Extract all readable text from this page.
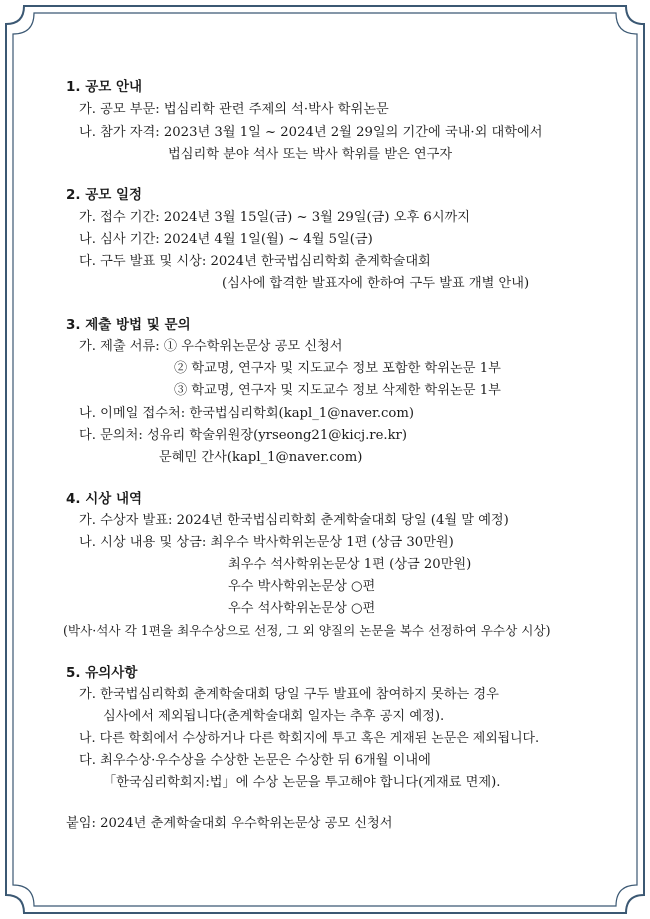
1. 공모 안내
가. 공모 부문: 법심리학 관련 주제의 석·박사 학위논문
나. 참가 자격: 2023년 3월 1일 ~ 2024년 2월 29일의 기간에 국내·외 대학에서
법심리학 분야 석사 또는 박사 학위를 받은 연구자
2. 공모 일정
가. 접수 기간: 2024년 3월 15일(금) ~ 3월 29일(금) 오후 6시까지
나. 심사 기간: 2024년 4월 1일(월) ~ 4월 5일(금)
다. 구두 발표 및 시상: 2024년 한국법심리학회 춘계학술대회
(심사에 합격한 발표자에 한하여 구두 발표 개별 안내)
3. 제출 방법 및 문의
가. 제출 서류: ① 우수학위논문상 공모 신청서
② 학교명, 연구자 및 지도교수 정보 포함한 학위논문 1부
③ 학교명, 연구자 및 지도교수 정보 삭제한 학위논문 1부
나. 이메일 접수처: 한국법심리학회(kapl_1@naver.com)
다. 문의처: 성유리 학술위원장(yrseong21@kicj.re.kr)
문혜민 간사(kapl_1@naver.com)
4. 시상 내역
가. 수상자 발표: 2024년 한국법심리학회 춘계학술대회 당일 (4월 말 예정)
나. 시상 내용 및 상금: 최우수 박사학위논문상 1편 (상금 30만원)
최우수 석사학위논문상 1편 (상금 20만원)
우수 박사학위논문상 ○편
우수 석사학위논문상 ○편
(박사·석사 각 1편을 최우수상으로 선정, 그 외 양질의 논문을 복수 선정하여 우수상 시상)
5. 유의사항
가. 한국법심리학회 춘계학술대회 당일 구두 발표에 참여하지 못하는 경우
심사에서 제외됩니다(춘계학술대회 일자는 추후 공지 예정).
나. 다른 학회에서 수상하거나 다른 학회지에 투고 혹은 게재된 논문은 제외됩니다.
다. 최우수상·우수상을 수상한 논문은 수상한 뒤 6개월 이내에
「한국심리학회지:법」에 수상 논문을 투고해야 합니다(게재료 면제).
붙임: 2024년 춘계학술대회 우수학위논문상 공모 신청서
